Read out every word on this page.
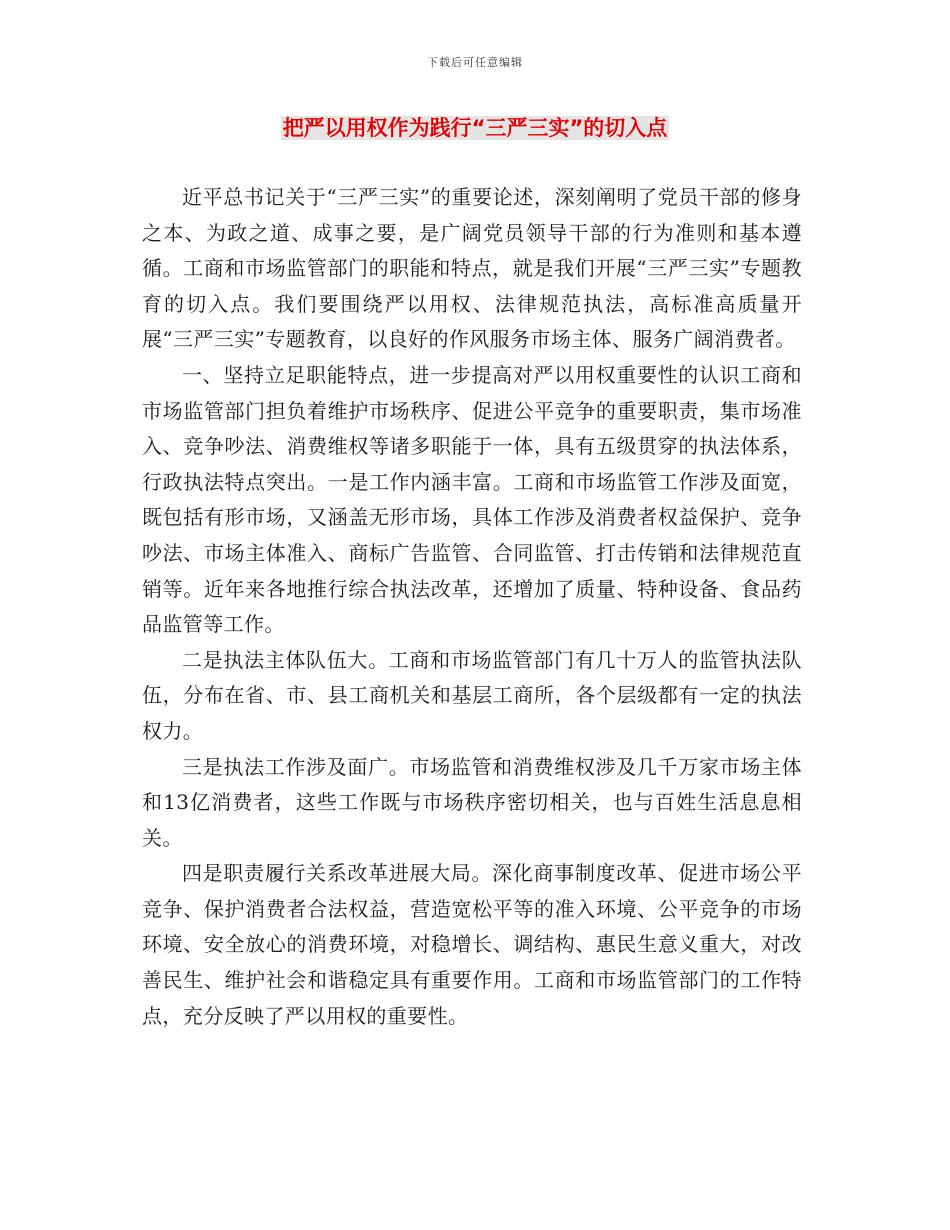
下载后可任意编辑
把严以用权作为践行“三严三实”的切入点

近平总书记关于“三严三实”的重要论述，深刻阐明了党员干部的修身之本、为政之道、成事之要，是广阔党员领导干部的行为准则和基本遵循。工商和市场监管部门的职能和特点，就是我们开展“三严三实”专题教育的切入点。我们要围绕严以用权、法律规范执法，高标准高质量开展“三严三实”专题教育，以良好的作风服务市场主体、服务广阔消费者。

一、坚持立足职能特点，进一步提高对严以用权重要性的认识工商和市场监管部门担负着维护市场秩序、促进公平竞争的重要职责，集市场准入、竞争吵法、消费维权等诸多职能于一体，具有五级贯穿的执法体系，行政执法特点突出。一是工作内涵丰富。工商和市场监管工作涉及面宽，既包括有形市场，又涵盖无形市场，具体工作涉及消费者权益保护、竞争吵法、市场主体准入、商标广告监管、合同监管、打击传销和法律规范直销等。近年来各地推行综合执法改革，还增加了质量、特种设备、食品药品监管等工作。

二是执法主体队伍大。工商和市场监管部门有几十万人的监管执法队伍，分布在省、市、县工商机关和基层工商所，各个层级都有一定的执法权力。

三是执法工作涉及面广。市场监管和消费维权涉及几千万家市场主体和13亿消费者，这些工作既与市场秩序密切相关，也与百姓生活息息相关。

四是职责履行关系改革进展大局。深化商事制度改革、促进市场公平竞争、保护消费者合法权益，营造宽松平等的准入环境、公平竞争的市场环境、安全放心的消费环境，对稳增长、调结构、惠民生意义重大，对改善民生、维护社会和谐稳定具有重要作用。工商和市场监管部门的工作特点，充分反映了严以用权的重要性。
